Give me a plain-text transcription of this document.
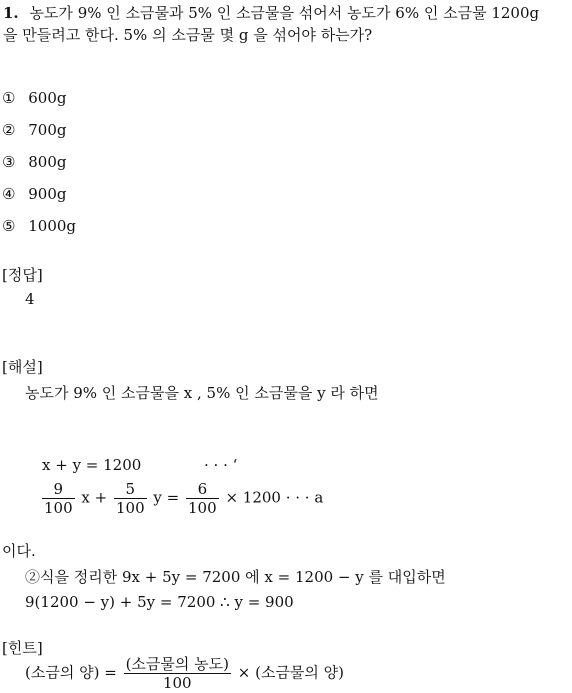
1. 농도가 9% 인 소금물과 5% 인 소금물을 섞어서 농도가 6% 인 소금물 1200g
을 만들려고 한다. 5% 의 소금물 몇 g 을 섞어야 하는가?
① 600g
② 700g
③ 800g
④ 900g
⑤ 1000g
[정답]
4
[해설]
농도가 9% 인 소금물을 x , 5% 인 소금물을 y 라 하면
x + y = 1200	· · · ‘
$\frac{9}{100}$ $x + \frac{5}{100}$ $y = \frac{6}{100} \times 1200$ · · · a
이다.
②식을 정리한 9x + 5y = 7200 에 x = 1200 − y 를 대입하면
9(1200 − y) + 5y = 7200 ∴ y = 900
[힌트]
(소금의 양) = $\frac{\text{(소금물의 농도)}}{100}$ × (소금물의 양)
